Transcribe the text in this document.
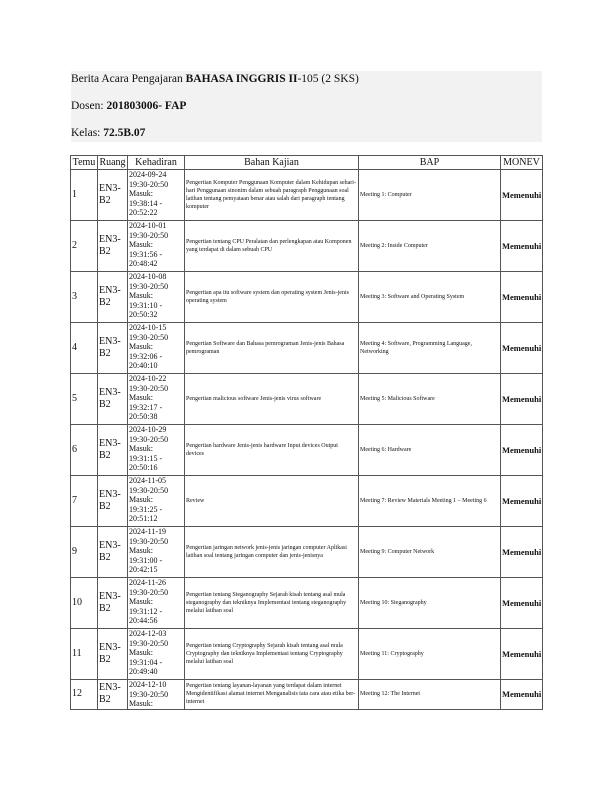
Berita Acara Pengajaran BAHASA INGGRIS II-105 (2 SKS)
Dosen: 201803006- FAP
Kelas: 72.5B.07
Temu	Ruang	Kehadiran	Bahan Kajian	BAP	MONEV
1	EN3-B2	2024-09-24
19:30-20:50
Masuk:
19:38:14 -
20:52:22	Pengertian Komputer Penggunaan Komputer dalam Kehidupan sehari-hari Penggunaan sinonim dalam sebuah paragraph Penggunaan soal latihan tentang pemyataan benar atau salah dari paragraph tentang komputer	Meeting 1: Computer	Memenuhi
2	EN3-B2	2024-10-01
19:30-20:50
Masuk:
19:31:56 -
20:48:42	Pengertian tentang CPU Peralatan dan perlengkapan atau Komponen yang terdapat di dalam sebuah CPU	Meeting 2: Inside Computer	Memenuhi
3	EN3-B2	2024-10-08
19:30-20:50
Masuk:
19:31:10 -
20:50:32	Pengertian apa itu software system dan operating system Jenis-jenis operating system	Meeting 3: Software and Operating System	Memenuhi
4	EN3-B2	2024-10-15
19:30-20:50
Masuk:
19:32:06 -
20:40:10	Pengertian Software dan Bahasa pemrograman Jenis-jenis Bahasa pemrograman	Meeting 4: Software, Programming Language, Networking	Memenuhi
5	EN3-B2	2024-10-22
19:30-20:50
Masuk:
19:32:17 -
20:50:38	Pengertian malicious software Jenis-jenis virus software	Meeting 5: Malicious Software	Memenuhi
6	EN3-B2	2024-10-29
19:30-20:50
Masuk:
19:31:15 -
20:50:16	Pengertian hardware Jenis-jenis hardware Input devices Output devices	Meeting 6: Hardware	Memenuhi
7	EN3-B2	2024-11-05
19:30-20:50
Masuk:
19:31:25 -
20:51:12	Review	Meeting 7: Review Materials Meeting 1 – Meeting 6	Memenuhi
9	EN3-B2	2024-11-19
19:30-20:50
Masuk:
19:31:00 -
20:42:15	Pengertian jaringan network jenis-jenis jaringan computer Aplikasi latihan soal tentang jaringan computer dan jenis-jenisnya	Meeting 9: Computer Network	Memenuhi
10	EN3-B2	2024-11-26
19:30-20:50
Masuk:
19:31:12 -
20:44:56	Pengertian tentang Steganography Sejarah kisah tentang asal mula steganography dan tekniknya Implementasi tentang steganography melalui latihan soal	Meeting 10: Steganography	Memenuhi
11	EN3-B2	2024-12-03
19:30-20:50
Masuk:
19:31:04 -
20:49:40	Pengertian tentang Cryptography Sejarah kisah tentang asal mula Cryptography dan tekniknya Implementasi tentang Cryptography melalui latihan soal	Meeting 11: Cryptography	Memenuhi
12	EN3-B2	2024-12-10
19:30-20:50
Masuk:	Pengertian tentang layanan-layanan yang terdapat dalam internet Mengidentifikasi alamat internet Menganalisis tata cara atau etika ber-internet	Meeting 12: The Internet	Memenuhi
